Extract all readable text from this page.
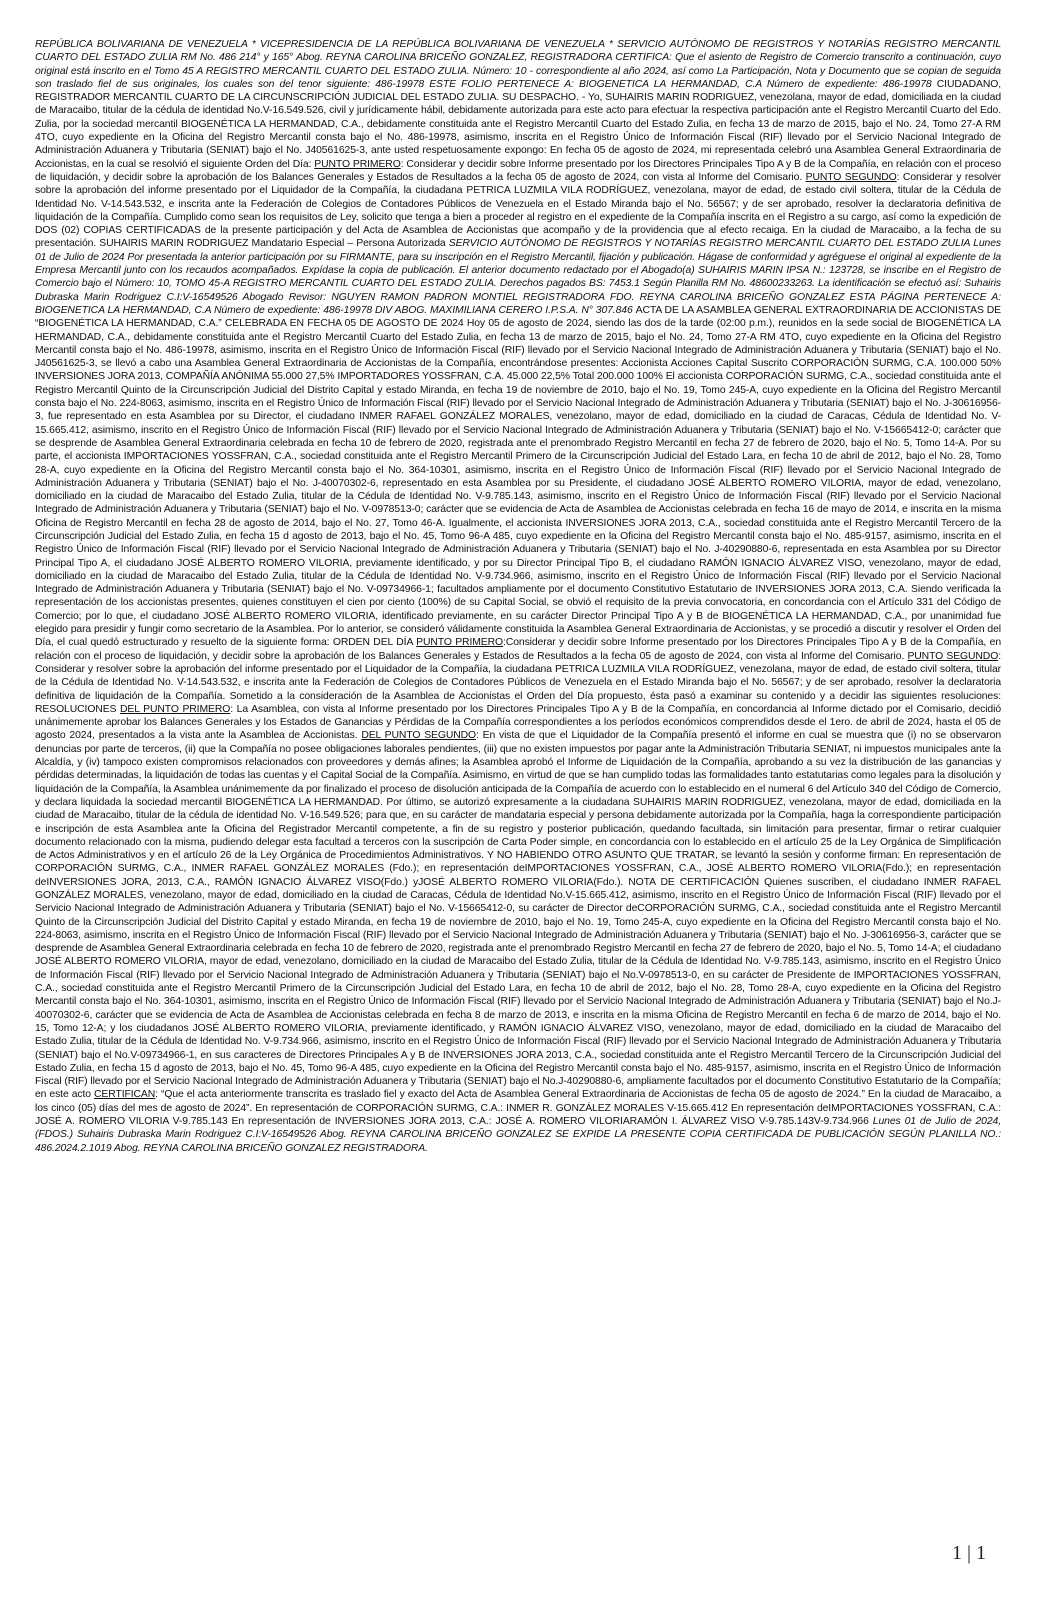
REPÚBLICA BOLIVARIANA DE VENEZUELA * VICEPRESIDENCIA DE LA REPÚBLICA BOLIVARIANA DE VENEZUELA * SERVICIO AUTÓNOMO DE REGISTROS Y NOTARÍAS REGISTRO MERCANTIL CUARTO DEL ESTADO ZULIA RM No. 486 214° y 165° Abog. REYNA CAROLINA BRICEÑO GONZALEZ, REGISTRADORA CERTIFICA: Que el asiento de Registro de Comercio transcrito a continuación, cuyo original está inscrito en el Tomo 45 A REGISTRO MERCANTIL CUARTO DEL ESTADO ZULIA. Número: 10 - correspondiente al año 2024, así como La Participación, Nota y Documento que se copian de seguida son traslado fiel de sus originales, los cuales son del tenor siguiente: 486-19978 ESTE FOLIO PERTENECE A: BIOGENETICA LA HERMANDAD, C.A Número de expediente: 486-19978 CIUDADANO, REGISTRADOR MERCANTIL CUARTO DE LA CIRCUNSCRIPCIÓN JUDICIAL DEL ESTADO ZULIA. SU DESPACHO. - Yo, SUHAIRIS MARIN RODRIGUEZ, venezolana, mayor de edad, domiciliada en la ciudad de Maracaibo, titular de la cédula de identidad No.V-16.549.526, civil y jurídicamente hábil, debidamente autorizada para este acto para efectuar la respectiva participación ante el Registro Mercantil Cuarto del Edo. Zulia, por la sociedad mercantil BIOGENÉTICA LA HERMANDAD, C.A., debidamente constituida ante el Registro Mercantil Cuarto del Estado Zulia, en fecha 13 de marzo de 2015, bajo el No. 24, Tomo 27-A RM 4TO, cuyo expediente en la Oficina del Registro Mercantil consta bajo el No. 486-19978, asimismo, inscrita en el Registro Único de Información Fiscal (RIF) llevado por el Servicio Nacional Integrado de Administración Aduanera y Tributaria (SENIAT) bajo el No. J40561625-3, ante usted respetuosamente expongo: En fecha 05 de agosto de 2024, mi representada celebró una Asamblea General Extraordinaria de Accionistas, en la cual se resolvió el siguiente Orden del Día: PUNTO PRIMERO: Considerar y decidir sobre Informe presentado por los Directores Principales Tipo A y B de la Compañía, en relación con el proceso de liquidación, y decidir sobre la aprobación de los Balances Generales y Estados de Resultados a la fecha 05 de agosto de 2024, con vista al Informe del Comisario. PUNTO SEGUNDO: Considerar y resolver sobre la aprobación del informe presentado por el Liquidador de la Compañía, la ciudadana PETRICA LUZMILA VILA RODRÍGUEZ, venezolana, mayor de edad, de estado civil soltera, titular de la Cédula de Identidad No. V-14.543.532, e inscrita ante la Federación de Colegios de Contadores Públicos de Venezuela en el Estado Miranda bajo el No. 56567; y de ser aprobado, resolver la declaratoria definitiva de liquidación de la Compañía. Cumplido como sean los requisitos de Ley, solicito que tenga a bien a proceder al registro en el expediente de la Compañía inscrita en el Registro a su cargo, así como la expedición de DOS (02) COPIAS CERTIFICADAS de la presente participación y del Acta de Asamblea de Accionistas que acompaño y de la providencia que al efecto recaiga. En la ciudad de Maracaibo, a la fecha de su presentación. SUHAIRIS MARIN RODRIGUEZ Mandatario Especial – Persona Autorizada SERVICIO AUTÓNOMO DE REGISTROS Y NOTARÍAS REGISTRO MERCANTIL CUARTO DEL ESTADO ZULIA Lunes 01 de Julio de 2024 Por presentada la anterior participación por su FIRMANTE, para su inscripción en el Registro Mercantil, fijación y publicación. Hágase de conformidad y agréguese el original al expediente de la Empresa Mercantil junto con los recaudos acompañados. Expídase la copia de publicación. El anterior documento redactado por el Abogado(a) SUHAIRIS MARIN IPSA N.: 123728, se inscribe en el Registro de Comercio bajo el Número: 10, TOMO 45-A REGISTRO MERCANTIL CUARTO DEL ESTADO ZULIA. Derechos pagados BS: 7453.1 Según Planilla RM No. 48600233263. La identificación se efectuó así: Suhairis Dubraska Marin Rodriguez C.I:V-16549526 Abogado Revisor: NGUYEN RAMON PADRON MONTIEL REGISTRADORA FDO. REYNA CAROLINA BRICEÑO GONZALEZ ESTA PÁGINA PERTENECE A: BIOGENETICA LA HERMANDAD, C.A Número de expediente: 486-19978 DIV ABOG. MAXIMILIANA CERERO I.P.S.A. N° 307.846 ACTA DE LA ASAMBLEA GENERAL EXTRAORDINARIA DE ACCIONISTAS DE “BIOGENÉTICA LA HERMANDAD, C.A.” CELEBRADA EN FECHA 05 DE AGOSTO DE 2024 Hoy 05 de agosto de 2024, siendo las dos de la tarde (02:00 p.m.), reunidos en la sede social de BIOGENÉTICA LA HERMANDAD, C.A., debidamente constituida ante el Registro Mercantil Cuarto del Estado Zulia, en fecha 13 de marzo de 2015, bajo el No. 24, Tomo 27-A RM 4TO, cuyo expediente en la Oficina del Registro Mercantil consta bajo el No. 486-19978, asimismo, inscrita en el Registro Único de Información Fiscal (RIF) llevado por el Servicio Nacional Integrado de Administración Aduanera y Tributaria (SENIAT) bajo el No. J40561625-3, se llevó a cabo una Asamblea General Extraordinaria de Accionistas de la Compañía, encontrándose presentes: Accionista Acciones Capital Suscrito CORPORACIÓN SURMG, C.A. 100.000 50% INVERSIONES JORA 2013, COMPAÑÍA ANÓNIMA 55.000 27,5% IMPORTADORES YOSSFRAN, C.A. 45.000 22,5% Total 200.000 100% El accionista CORPORACIÓN SURMG, C.A., sociedad constituida ante el Registro Mercantil Quinto de la Circunscripción Judicial del Distrito Capital y estado Miranda, en fecha 19 de noviembre de 2010, bajo el No. 19, Tomo 245-A, cuyo expediente en la Oficina del Registro Mercantil consta bajo el No. 224-8063, asimismo, inscrita en el Registro Único de Información Fiscal (RIF) llevado por el Servicio Nacional Integrado de Administración Aduanera y Tributaria (SENIAT) bajo el No. J-30616956-3, fue representado en esta Asamblea por su Director, el ciudadano INMER RAFAEL GONZÁLEZ MORALES, venezolano, mayor de edad, domiciliado en la ciudad de Caracas, Cédula de Identidad No. V-15.665.412, asimismo, inscrito en el Registro Único de Información Fiscal (RIF) llevado por el Servicio Nacional Integrado de Administración Aduanera y Tributaria (SENIAT) bajo el No. V-15665412-0; carácter que se desprende de Asamblea General Extraordinaria celebrada en fecha 10 de febrero de 2020, registrada ante el prenombrado Registro Mercantil en fecha 27 de febrero de 2020, bajo el No. 5, Tomo 14-A. Por su parte, el accionista IMPORTACIONES YOSSFRAN, C.A., sociedad constituida ante el Registro Mercantil Primero de la Circunscripción Judicial del Estado Lara, en fecha 10 de abril de 2012, bajo el No. 28, Tomo 28-A, cuyo expediente en la Oficina del Registro Mercantil consta bajo el No. 364-10301, asimismo, inscrita en el Registro Único de Información Fiscal (RIF) llevado por el Servicio Nacional Integrado de Administración Aduanera y Tributaria (SENIAT) bajo el No. J-40070302-6, representado en esta Asamblea por su Presidente, el ciudadano JOSÉ ALBERTO ROMERO VILORIA, mayor de edad, venezolano, domiciliado en la ciudad de Maracaibo del Estado Zulia, titular de la Cédula de Identidad No. V-9.785.143, asimismo, inscrito en el Registro Único de Información Fiscal (RIF) llevado por el Servicio Nacional Integrado de Administración Aduanera y Tributaria (SENIAT) bajo el No. V-0978513-0; carácter que se evidencia de Acta de Asamblea de Accionistas celebrada en fecha 16 de mayo de 2014, e inscrita en la misma Oficina de Registro Mercantil en fecha 28 de agosto de 2014, bajo el No. 27, Tomo 46-A. Igualmente, el accionista INVERSIONES JORA 2013, C.A., sociedad constituida ante el Registro Mercantil Tercero de la Circunscripción Judicial del Estado Zulia, en fecha 15 d agosto de 2013, bajo el No. 45, Tomo 96-A 485, cuyo expediente en la Oficina del Registro Mercantil consta bajo el No. 485-9157, asimismo, inscrita en el Registro Único de Información Fiscal (RIF) llevado por el Servicio Nacional Integrado de Administración Aduanera y Tributaria (SENIAT) bajo el No. J-40290880-6, representada en esta Asamblea por su Director Principal Tipo A, el ciudadano JOSÉ ALBERTO ROMERO VILORIA, previamente identificado, y por su Director Principal Tipo B, el ciudadano RAMÓN IGNACIO ÁLVAREZ VISO, venezolano, mayor de edad, domiciliado en la ciudad de Maracaibo del Estado Zulia, titular de la Cédula de Identidad No. V-9.734.966, asimismo, inscrito en el Registro Único de Información Fiscal (RIF) llevado por el Servicio Nacional Integrado de Administración Aduanera y Tributaria (SENIAT) bajo el No. V-09734966-1; facultados ampliamente por el documento Constitutivo Estatutario de INVERSIONES JORA 2013, C.A. Siendo verificada la representación de los accionistas presentes, quienes constituyen el cien por ciento (100%) de su Capital Social, se obvió el requisito de la previa convocatoria, en concordancia con el Artículo 331 del Código de Comercio; por lo que, el ciudadano JOSÉ ALBERTO ROMERO VILORIA, identificado previamente, en su carácter Director Principal Tipo A y B de BIOGENÉTICA LA HERMANDAD, C.A., por unanimidad fue elegido para presidir y fungir como secretario de la Asamblea. Por lo anterior, se consideró válidamente constituida la Asamblea General Extraordinaria de Accionistas, y se procedió a discutir y resolver el Orden del Día, el cual quedó estructurado y resuelto de la siguiente forma: ORDEN DEL DÍA PUNTO PRIMERO:Considerar y decidir sobre Informe presentado por los Directores Principales Tipo A y B de la Compañía, en relación con el proceso de liquidación, y decidir sobre la aprobación de los Balances Generales y Estados de Resultados a la fecha 05 de agosto de 2024, con vista al Informe del Comisario. PUNTO SEGUNDO: Considerar y resolver sobre la aprobación del informe presentado por el Liquidador de la Compañía, la ciudadana PETRICA LUZMILA VILA RODRÍGUEZ, venezolana, mayor de edad, de estado civil soltera, titular de la Cédula de Identidad No. V-14.543.532, e inscrita ante la Federación de Colegios de Contadores Públicos de Venezuela en el Estado Miranda bajo el No. 56567; y de ser aprobado, resolver la declaratoria definitiva de liquidación de la Compañía. Sometido a la consideración de la Asamblea de Accionistas el Orden del Día propuesto, ésta pasó a examinar su contenido y a decidir las siguientes resoluciones: RESOLUCIONES DEL PUNTO PRIMERO: La Asamblea, con vista al Informe presentado por los Directores Principales Tipo A y B de la Compañía, en concordancia al Informe dictado por el Comisario, decidió unánimemente aprobar los Balances Generales y los Estados de Ganancias y Pérdidas de la Compañía correspondientes a los períodos económicos comprendidos desde el 1ero. de abril de 2024, hasta el 05 de agosto 2024, presentados a la vista ante la Asamblea de Accionistas. DEL PUNTO SEGUNDO: En vista de que el Liquidador de la Compañía presentó el informe en cual se muestra que (i) no se observaron denuncias por parte de terceros, (ii) que la Compañía no posee obligaciones laborales pendientes, (iii) que no existen impuestos por pagar ante la Administración Tributaria SENIAT, ni impuestos municipales ante la Alcaldía, y (iv) tampoco existen compromisos relacionados con proveedores y demás afines; la Asamblea aprobó el Informe de Liquidación de la Compañía, aprobando a su vez la distribución de las ganancias y pérdidas determinadas, la liquidación de todas las cuentas y el Capital Social de la Compañía. Asimismo, en virtud de que se han cumplido todas las formalidades tanto estatutarias como legales para la disolución y liquidación de la Compañía, la Asamblea unánimemente da por finalizado el proceso de disolución anticipada de la Compañía de acuerdo con lo establecido en el numeral 6 del Artículo 340 del Código de Comercio, y declara liquidada la sociedad mercantil BIOGENÉTICA LA HERMANDAD. Por último, se autorizó expresamente a la ciudadana SUHAIRIS MARIN RODRIGUEZ, venezolana, mayor de edad, domiciliada en la ciudad de Maracaibo, titular de la cédula de identidad No. V-16.549.526; para que, en su carácter de mandataria especial y persona debidamente autorizada por la Compañía, haga la correspondiente participación e inscripción de esta Asamblea ante la Oficina del Registrador Mercantil competente, a fin de su registro y posterior publicación, quedando facultada, sin limitación para presentar, firmar o retirar cualquier documento relacionado con la misma, pudiendo delegar esta facultad a terceros con la suscripción de Carta Poder simple, en concordancia con lo establecido en el artículo 25 de la Ley Orgánica de Simplificación de Actos Administrativos y en el artículo 26 de la Ley Orgánica de Procedimientos Administrativos. Y NO HABIENDO OTRO ASUNTO QUE TRATAR, se levantó la sesión y conforme firman: En representación de CORPORACIÓN SURMG, C.A., INMER RAFAEL GONZÁLEZ MORALES (Fdo.); en representación deIMPORTACIONES YOSSFRAN, C.A., JOSÉ ALBERTO ROMERO VILORIA(Fdo.); en representación deINVERSIONES JORA, 2013, C.A., RAMÓN IGNACIO ÁLVAREZ VISO(Fdo.) yJOSÉ ALBERTO ROMERO VILORIA(Fdo.). NOTA DE CERTIFICACIÓN Quienes suscriben, el ciudadano INMER RAFAEL GONZÁLEZ MORALES, venezolano, mayor de edad, domiciliado en la ciudad de Caracas, Cédula de Identidad No.V-15.665.412, asimismo, inscrito en el Registro Único de Información Fiscal (RIF) llevado por el Servicio Nacional Integrado de Administración Aduanera y Tributaria (SENIAT) bajo el No. V-15665412-0, su carácter de Director deCORPORACIÓN SURMG, C.A., sociedad constituida ante el Registro Mercantil Quinto de la Circunscripción Judicial del Distrito Capital y estado Miranda, en fecha 19 de noviembre de 2010, bajo el No. 19, Tomo 245-A, cuyo expediente en la Oficina del Registro Mercantil consta bajo el No. 224-8063, asimismo, inscrita en el Registro Único de Información Fiscal (RIF) llevado por el Servicio Nacional Integrado de Administración Aduanera y Tributaria (SENIAT) bajo el No. J-30616956-3, carácter que se desprende de Asamblea General Extraordinaria celebrada en fecha 10 de febrero de 2020, registrada ante el prenombrado Registro Mercantil en fecha 27 de febrero de 2020, bajo el No. 5, Tomo 14-A; el ciudadano JOSÉ ALBERTO ROMERO VILORIA, mayor de edad, venezolano, domiciliado en la ciudad de Maracaibo del Estado Zulia, titular de la Cédula de Identidad No. V-9.785.143, asimismo, inscrito en el Registro Único de Información Fiscal (RIF) llevado por el Servicio Nacional Integrado de Administración Aduanera y Tributaria (SENIAT) bajo el No.V-0978513-0, en su carácter de Presidente de IMPORTACIONES YOSSFRAN, C.A., sociedad constituida ante el Registro Mercantil Primero de la Circunscripción Judicial del Estado Lara, en fecha 10 de abril de 2012, bajo el No. 28, Tomo 28-A, cuyo expediente en la Oficina del Registro Mercantil consta bajo el No. 364-10301, asimismo, inscrita en el Registro Único de Información Fiscal (RIF) llevado por el Servicio Nacional Integrado de Administración Aduanera y Tributaria (SENIAT) bajo el No.J-40070302-6, carácter que se evidencia de Acta de Asamblea de Accionistas celebrada en fecha 8 de marzo de 2013, e inscrita en la misma Oficina de Registro Mercantil en fecha 6 de marzo de 2014, bajo el No. 15, Tomo 12-A; y los ciudadanos JOSÉ ALBERTO ROMERO VILORIA, previamente identificado, y RAMÓN IGNACIO ÁLVAREZ VISO, venezolano, mayor de edad, domiciliado en la ciudad de Maracaibo del Estado Zulia, titular de la Cédula de Identidad No. V-9.734.966, asimismo, inscrito en el Registro Único de Información Fiscal (RIF) llevado por el Servicio Nacional Integrado de Administración Aduanera y Tributaria (SENIAT) bajo el No.V-09734966-1, en sus caracteres de Directores Principales A y B de INVERSIONES JORA 2013, C.A., sociedad constituida ante el Registro Mercantil Tercero de la Circunscripción Judicial del Estado Zulia, en fecha 15 d agosto de 2013, bajo el No. 45, Tomo 96-A 485, cuyo expediente en la Oficina del Registro Mercantil consta bajo el No. 485-9157, asimismo, inscrita en el Registro Único de Información Fiscal (RIF) llevado por el Servicio Nacional Integrado de Administración Aduanera y Tributaria (SENIAT) bajo el No.J-40290880-6, ampliamente facultados por el documento Constitutivo Estatutario de la Compañía; en este acto CERTIFICAN: “Que el acta anteriormente transcrita es traslado fiel y exacto del Acta de Asamblea General Extraordinaria de Accionistas de fecha 05 de agosto de 2024.” En la ciudad de Maracaibo, a los cinco (05) días del mes de agosto de 2024”. En representación de CORPORACIÓN SURMG, C.A.: INMER R. GONZÁLEZ MORALES V-15.665.412 En representación deIMPORTACIONES YOSSFRAN, C.A.: JOSÉ A. ROMERO VILORIA V-9.785.143 En representación de INVERSIONES JORA 2013, C.A.: JOSÉ A. ROMERO VILORIARAMÓN I. ÁLVAREZ VISO V-9.785.143V-9.734.966 Lunes 01 de Julio de 2024, (FDOS.) Suhairis Dubraska Marin Rodriguez C.I:V-16549526 Abog. REYNA CAROLINA BRICEÑO GONZALEZ SE EXPIDE LA PRESENTE COPIA CERTIFICADA DE PUBLICACIÓN SEGÚN PLANILLA NO.: 486.2024.2.1019 Abog. REYNA CAROLINA BRICEÑO GONZALEZ REGISTRADORA.
1 | 1
